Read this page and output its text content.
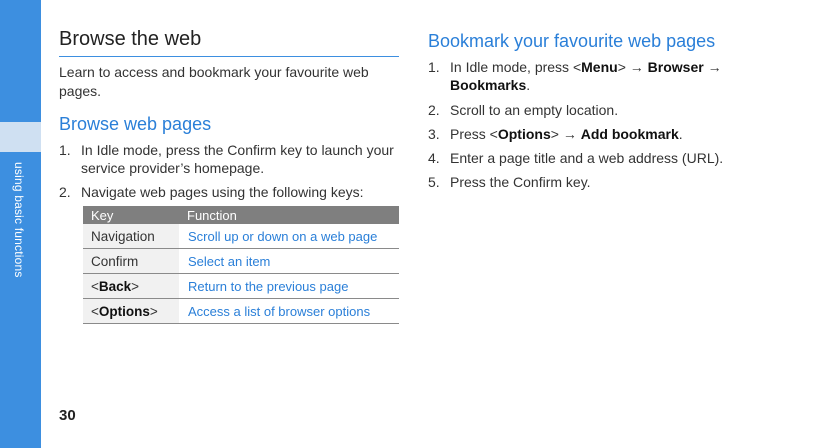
using basic functions
30
Browse the web
Learn to access and bookmark your favourite web pages.
Browse web pages
1. In Idle mode, press the Confirm key to launch your service provider’s homepage.
2. Navigate web pages using the following keys:
Key	Function
Navigation	Scroll up or down on a web page
Confirm	Select an item
<Back>	Return to the previous page
<Options>	Access a list of browser options
Bookmark your favourite web pages
1. In Idle mode, press <Menu> → Browser → Bookmarks.
2. Scroll to an empty location.
3. Press <Options> → Add bookmark.
4. Enter a page title and a web address (URL).
5. Press the Confirm key.
